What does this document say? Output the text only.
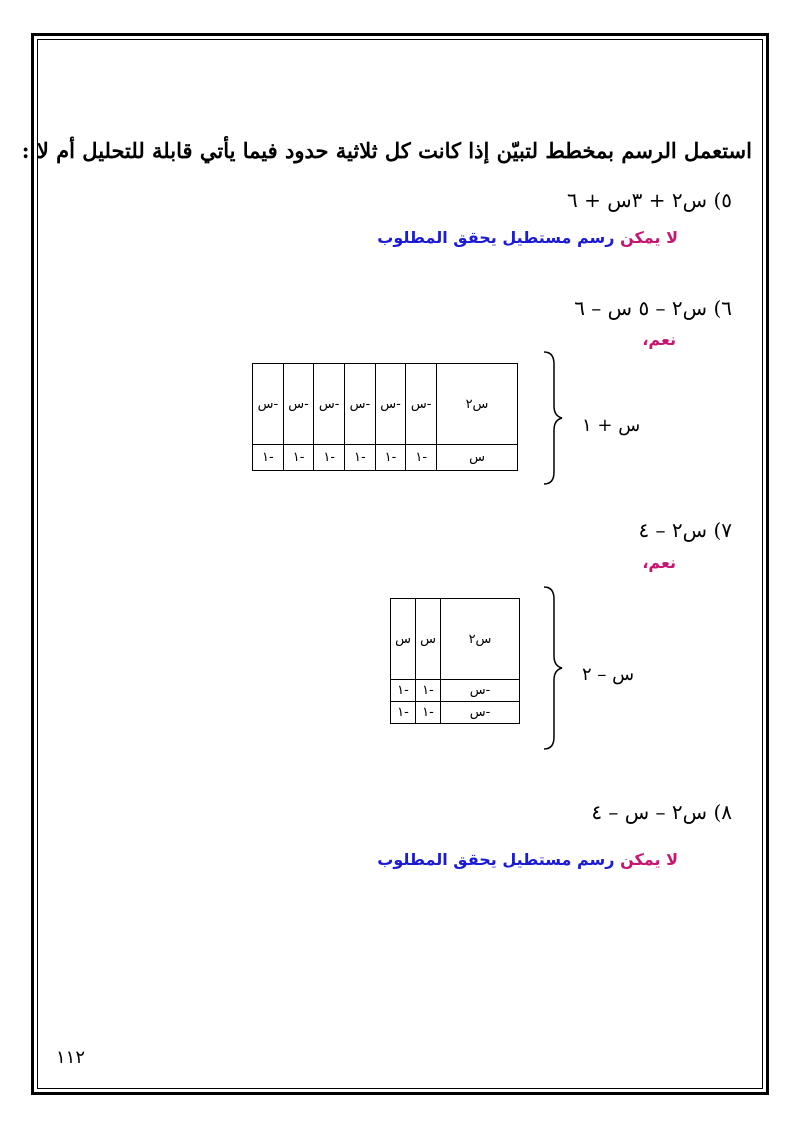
استعمل الرسم بمخطط لتبيّن إذا كانت كل ثلاثية حدود فيما يأتي قابلة للتحليل أم لا :
٥) س٢ + ٣س + ٦
لا يمكن رسم مستطيل يحقق المطلوب
٦) س٢ – ٥ س – ٦
نعم،
س٢	-س	-س	-س	-س	-س	-س
س	-١	-١	-١	-١	-١	-١
س + ١
٧) س٢ – ٤
نعم،
س٢	س	س
-س	-١	-١
-س	-١	-١
س – ٢
٨) س٢ – س – ٤
لا يمكن رسم مستطيل يحقق المطلوب
١١٢
